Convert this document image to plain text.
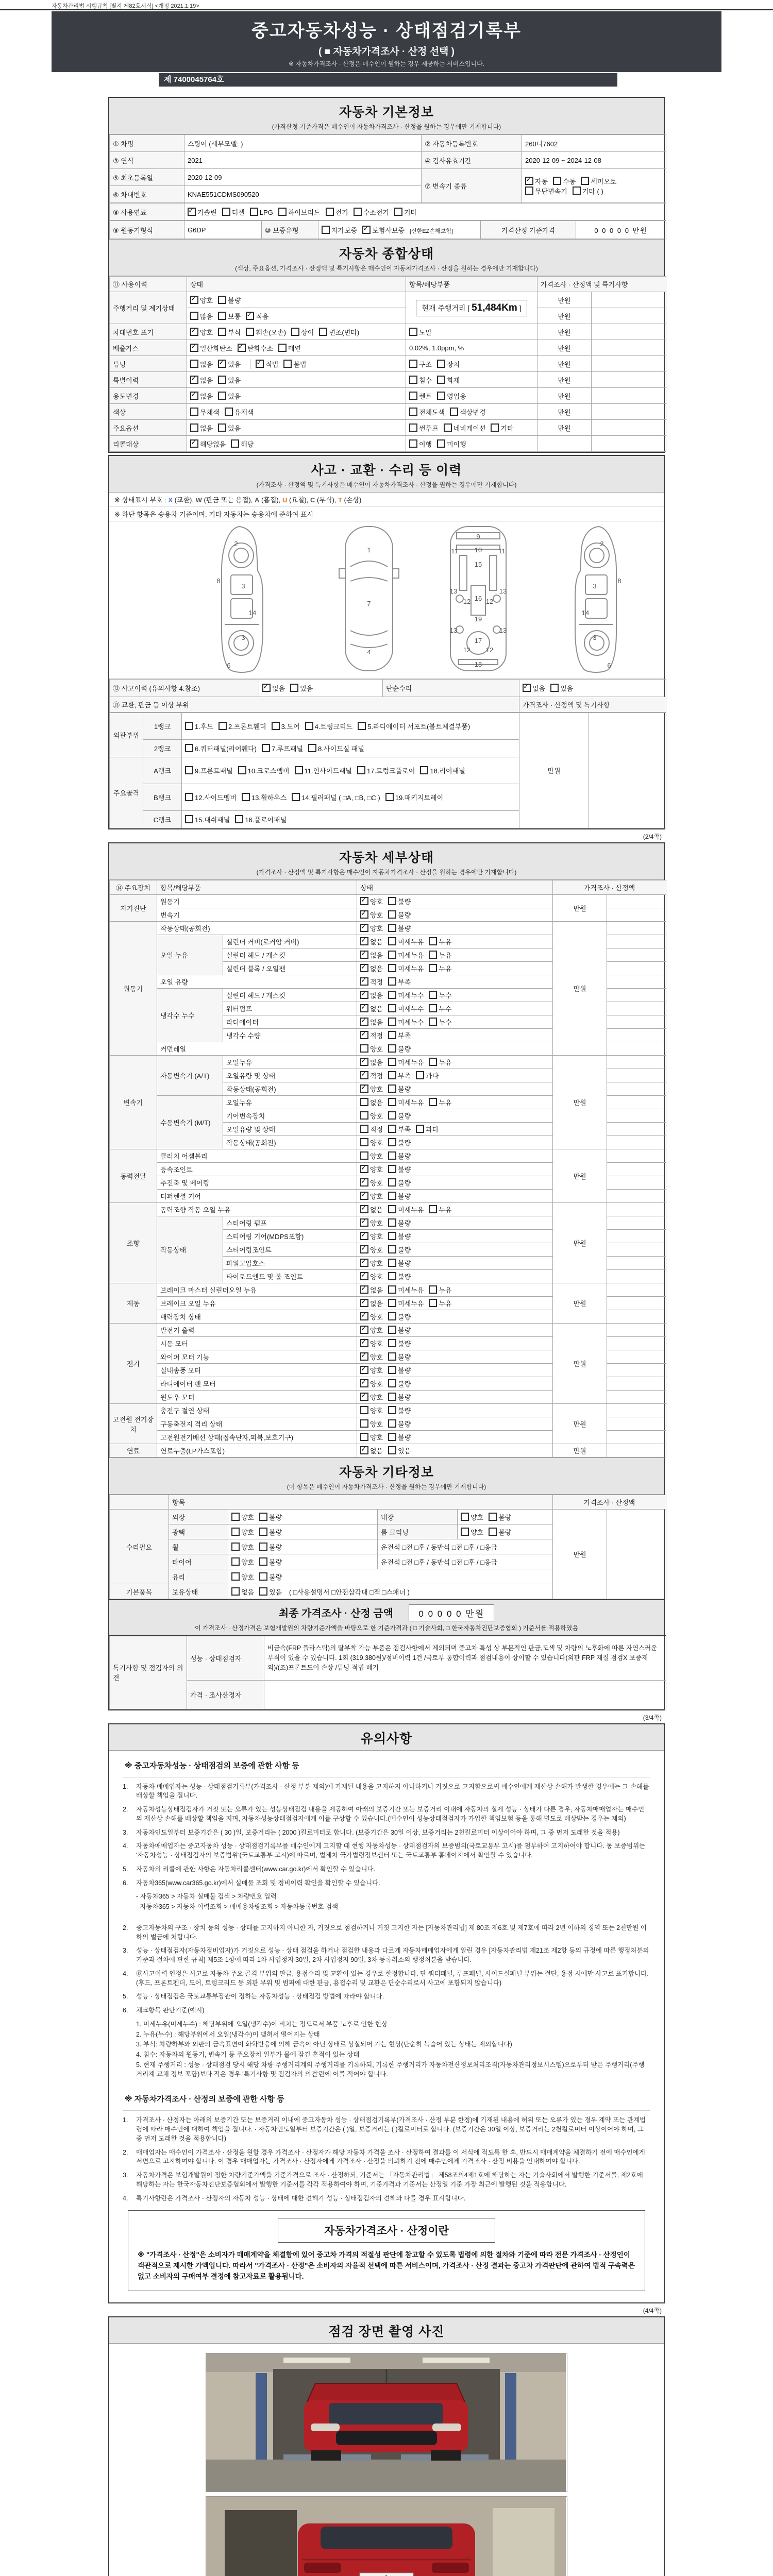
자동차관리법 시행규칙 [별지 제82호서식] <개정 2021.1.19>
중고자동차성능 · 상태점검기록부
( ■ 자동차가격조사 · 산정 선택 )
※ 자동차가격조사 · 산정은 매수인이 원하는 경우 제공하는 서비스입니다.
제 7400045764호
자동차 기본정보
(가격산정 기준가격은 매수인이 자동차가격조사 · 산정을 원하는 경우에만 기재합니다)
① 차명	스팅어 (세부모델: )	② 자동차등록번호	260너7602
③ 연식	2021	④ 검사유효기간	2020-12-09 ~ 2024-12-08
⑤ 최초등록일	2020-12-09	⑦ 변속기 종류	✓자동 수동 세미오토
무단변속기 기타 ( )
⑥ 차대번호	KNAE551CDMS090520		
⑧ 사용연료	✓가솔린 디젤 LPG 하이브리드 전기 수소전기 기타
⑨ 원동기형식	G6DP	⑩ 보증유형	자가보증 ✓ 보험사보증 [신한EZ손해보험]	가격산정 기준가격	0 0 0 0 0 만원
자동차 종합상태
(색상, 주요옵션, 가격조사 · 산정액 및 특기사항은 매수인이 자동차가격조사 · 산정을 원하는 경우에만 기재합니다)
⑪ 사용이력	상태	항목/해당부품	가격조사 · 산정액 및 특기사항	
주행거리 및 계기상태	✓양호 불량	현재 주행거리 [ 51,484Km ]	만원	
	많음 보통 ✓ 적음		만원	
차대번호 표기	✓양호 부식 훼손(오손) 상이 변조(변타)	도말	만원	
배출가스	✓일산화탄소 ✓ 탄화수소 매연	0.02%, 1.0ppm, %	만원	
튜닝	없음 ✓ 있음 ✓ 적법 불법	구조 장치	만원	
특별이력	✓없음 있음	침수 화재	만원	
용도변경	✓없음 있음	렌트 영업용	만원	
색상	무채색 유채색	전체도색 색상변경	만원	
주요옵션	없음 있음	썬루프 네비게이션 기타	만원	
리콜대상	✓해당없음 해당	이행 미이행		
사고 · 교환 · 수리 등 이력
(가격조사 · 산정액 및 특기사항은 매수인이 자동차가격조사 · 산정을 원하는 경우에만 기재합니다)
※ 상태표시 부호 : X (교환), W (판금 또는 용접), A (흠집), U (요철), C (부식), T (손상)
※ 하단 항목은 승용차 기준이며, 기타 자동차는 승용차에 준하여 표시
2
8
3
14
3
6
1
7
4
9
11	11
10
15
13	13
12 12
16
19
13	13
12 12
17
18
2
8
3
14
3
6
⑫ 사고이력 (유의사항 4.참조)	✓없음 있음	단순수리	✓없음 있음
⑬ 교환, 판금 등 이상 부위			가격조사 · 산정액 및 특기사항
외판부위	1랭크	1.후드 2.프론트휀더 3.도어 4.트렁크리드 5.라디에이터 서포트(볼트체결부품)	만원	
	2랭크	6.쿼터패널(리어휀다) 7.루프패널 8.사이드실 패널		
주요골격	A랭크	9.프론트패널 10.크로스멤버 11.인사이드패널 17.트렁크플로어 18.리어패널		
	B랭크	12.사이드멤버 13.휠하우스 14.필러패널 ( □A, □B, □C ) 19.패키지트레이		
	C랭크	15.대쉬패널 16.플로어패널		
(2/4쪽)
자동차 세부상태
(가격조사 · 산정액 및 특기사항은 매수인이 자동차가격조사 · 산정을 원하는 경우에만 기재합니다)
⑭ 주요장치	항목/해당부품		상태	가격조사 · 산정액	
자기진단	원동기	✓양호 불량	만원	
	변속기	✓양호 불량	
원동기	작동상태(공회전)	✓양호 불량	만원	
	오일 누유	실린더 커버(로커암 커버)	✓없음 미세누유 누유	
		실린더 헤드 / 개스킷	✓없음 미세누유 누유	
		실린더 블록 / 오일팬	✓없음 미세누유 누유	
	오일 유량	✓적정 부족	
	냉각수 누수	실린더 헤드 / 개스킷	✓없음 미세누수 누수	
		워터펌프	✓없음 미세누수 누수	
		라디에이터	✓없음 미세누수 누수	
		냉각수 수량	✓적정 부족	
	커먼레일		양호 불량		
변속기	자동변속기 (A/T)	오일누유	✓없음 미세누유 누유	만원	
		오일유량 및 상태	✓적정 부족 과다	
		작동상태(공회전)	✓양호 불량	
	수동변속기 (M/T)	오일누유	없음 미세누유 누유		
		기어변속장치	양호 불량		
		오일유량 및 상태	적정 부족 과다		
		작동상태(공회전)	양호 불량		
동력전달	클러치 어셈블리		양호 불량	만원	
	등속조인트	✓양호 불량	
	추진축 및 베어링	✓양호 불량	
	디퍼렌셜 기어	✓양호 불량	
조향	동력조향 작동 오일 누유	✓없음 미세누유 누유	만원	
	작동상태	스티어링 펌프	✓양호 불량	
		스티어링 기어(MDPS포함)	✓양호 불량	
		스티어링조인트	✓양호 불량	
		파워고압호스	✓양호 불량	
		타이로드엔드 및 볼 조인트	✓양호 불량	
제동	브레이크 마스터 실린더오일 누유	✓없음 미세누유 누유	만원	
	브레이크 오일 누유	✓없음 미세누유 누유	
	배력장치 상태	✓양호 불량	
전기	발전기 출력	✓양호 불량	만원	
	시동 모터	✓양호 불량	
	와이퍼 모터 기능	✓양호 불량	
	실내송풍 모터	✓양호 불량	
	라디에이터 팬 모터	✓양호 불량	
	윈도우 모터	✓양호 불량	
고전원 전기장치	충전구 절연 상태		양호 불량	만원	
	구동축전지 격리 상태		양호 불량		
	고전원전기배선 상태(접속단자,피복,보호기구)		양호 불량		
연료	연료누출(LP가스포함)	✓없음 있음	만원	
자동차 기타정보
(이 항목은 매수인이 자동차가격조사 · 산정을 원하는 경우에만 기재합니다)
	항목				가격조사 · 산정액	
수리필요	외장	양호 불량	내장	양호 불량	만원	
	광택	양호 불량	룸 크리닝	양호 불량		
	휠	양호 불량	운전석 □전 □후 / 동반석 □전 □후 / □응급			
	타이어	양호 불량	운전석 □전 □후 / 동반석 □전 □후 / □응급			
	유리	양호 불량				
기본품목	보유상태	없음 있음 ( □사용설명서 □안전삼각대 □잭 □스패너 )				
최종 가격조사 · 산정 금액	0 0 0 0 0 만원
이 가격조사 · 산정가격은 보험개발원의 차량기준가액을 바탕으로 한 기준가격과 ( □ 기술사회, □ 한국자동차진단보증협회 ) 기준서를 적용하였음
특기사항 및 점검자의 의견	성능 · 상태점검자	비금속(FRP 플라스틱)의 탈부착 가능 부품은 점검사항에서 제외되며 중고차 특성 상 부분적인 판금,도색 및 차량의 노후화에 따른 자연스러운 부식이 있을 수 있습니다. 1회 (319,380원)/정비이력 1건 /국토부 통합이력과 점검내용이 상이할 수 있습니다(외판 FRP 재질 점검X 보증제외)/(조)프론트도어 손상 /튜닝-적법-배기
	가격 · 조사산정자	
(3/4쪽)
유의사항
※ 중고자동차성능 · 상태점검의 보증에 관한 사항 등
1.	자동차 매매업자는 성능 · 상태점검기록부(가격조사 · 산정 부분 제외)에 기재된 내용을 고지하지 아니하거나 거짓으로 고지함으로써 매수인에게 재산상 손해가 발생한 경우에는 그 손해를 배상할 책임을 집니다.
2.	자동차성능상태점검자가 거짓 또는 오류가 있는 성능상태점검 내용을 제공하여 아래의 보증기간 또는 보증거리 이내에 자동차의 실제 성능 · 상태가 다른 경우, 자동차매매업자는 매수인의 재산상 손해를 배상할 책임을 지며, 자동차성능상태점검자에게 이를 구상할 수 있습니다.(매수인이 성능상태점검자가 가입한 책임보험 등을 통해 별도로 배상받는 경우는 제외)
3.	자동차인도일부터 보증기간은 ( 30 )일, 보증거리는 ( 2000 )킬로미터로 합니다. (보증기간은 30일 이상, 보증거리는 2천킬로미터 이상이어야 하며, 그 중 먼저 도래한 것을 적용)
4.	자동차매매업자는 중고자동차 성능 · 상태점검기록부를 매수인에게 고지할 때 현행 자동차성능 · 상태점검자의 보증범위(국토교통부 고시)를 첨부하여 고지하여야 합니다. 동 보증범위는 '자동차성능 · 상태점검자의 보증범위'(국토교통부 고시)에 따르며, 법제처 국가법령정보센터 또는 국토교통부 홈페이지에서 확인할 수 있습니다.
5.	자동차의 리콜에 관한 사항은 자동차리콜센터(www.car.go.kr)에서 확인할 수 있습니다.
6.	자동차365(www.car365.go.kr)에서 실매물 조회 및 정비이력 확인을 확인할 수 있습니다.
- 자동차365 > 자동차 실매물 검색 > 차량번호 입력
- 자동차365 > 자동차 이력조회 > 매매용차량조회 > 자동차등록번호 검색
2.	중고자동차의 구조 · 장치 등의 성능 · 상태를 고지하지 아니한 자, 거짓으로 점검하거나 거짓 고지한 자는 [자동차관리법] 제 80조 제6호 및 제7호에 따라 2년 이하의 징역 또는 2천만원 이하의 벌금에 처합니다.
3.	성능 · 상태점검자(자동차정비업자)가 거짓으로 성능 · 상태 점검을 하거나 점검한 내용과 다르게 자동차매매업자에게 알린 경우 [자동차관리법 제21조 제2항 등의 규정에 따른 행정처분의 기준과 절차에 관한 규칙] 제5조 1항에 따라 1차 사업정지 30일, 2차 사업정지 90일, 3차 등록취소의 행정처분을 받습니다.
4.	⑫사고이력 인정은 사고로 자동차 주요 골격 부위의 판금, 용접수리 및 교환이 있는 경우로 한정합니다. 단 쿼터패널, 루프패널, 사이드실패널 부위는 절단, 용접 시에만 사고로 표기합니다. (후드, 프론트펜더, 도어, 트렁크리드 등 외판 부위 및 범퍼에 대한 판금, 용접수리 및 교환은 단순수리로서 사고에 포함되지 않습니다)
5.	성능 · 상태점검은 국토교통부장관이 정하는 자동차성능 · 상태점검 방법에 따라야 합니다.
6.	체크항목 판단기준(예시)
1. 미세누유(미세누수) : 해당부위에 오일(냉각수)이 비치는 정도로서 부품 노후로 인한 현상
2. 누유(누수) : 해당부위에서 오일(냉각수)이 맺혀서 떨어지는 상태
3. 부식: 차량하부와 외판의 금속표면이 화학반응에 의해 금속이 아닌 상태로 상실되어 가는 현상(단순히 녹슬어 있는 상태는 제외합니다)
4. 침수: 자동차의 원동기, 변속기 등 주요장치 일부가 물에 잠긴 흔적이 있는 상태
5. 현재 주행거리 : 성능 · 상태점검 당시 해당 차량 주행거리계의 주행거리를 기록하되, 기록한 주행거리가 자동차전산정보처리조직(자동차관리정보시스템)으로부터 받은 주행거리(주행거리계 교체 정보 포함)보다 적은 경우 '특기사항 및 점검자의 의견'란에 이를 적어야 합니다.
※ 자동차가격조사 · 산정의 보증에 관한 사항 등
1.	가격조사 · 산정자는 아래의 보증기간 또는 보증거리 이내에 중고자동차 성능 · 상태점검기록부(가격조사 · 산정 부분 한정)에 기재된 내용에 허위 또는 오류가 있는 경우 계약 또는 관계법령에 따라 매수인에 대하여 책임을 집니다. · 자동차인도일부터 보증기간은 ( )일, 보증거리는 ( )킬로미터로 합니다. (보증기간은 30일 이상, 보증거리는 2천킬로미터 이상이어야 하며, 그 중 먼저 도래한 것을 적용합니다)
2.	매매업자는 매수인이 가격조사 · 산정을 원할 경우 가격조사 · 산정자가 해당 자동차 가격을 조사 · 산정하여 결과를 이 서식에 적도록 한 후, 반드시 매매계약을 체결하기 전에 매수인에게 서면으로 고지하여야 합니다. 이 경우 매매업자는 가격조사 · 산정자에게 가격조사 · 산정을 의뢰하기 전에 매수인에게 가격조사 · 산정 비용을 안내하여야 합니다.
3.	자동차가격은 보험개발원이 정한 차량기준가액을 기준가격으로 조사 · 산정하되, 기준서는 「자동차관리법」 제58조의4제1호에 해당하는 자는 기술사회에서 발행한 기준서를, 제2호에 해당하는 자는 한국자동차진단보증협회에서 발행한 기준서를 각각 적용하여야 하며, 기준가격과 기준서는 산정일 기준 가장 최근에 발행된 것을 적용합니다.
4.	특기사항란은 가격조사 · 산정자의 자동차 성능 · 상태에 대한 견해가 성능 · 상태점검자의 견해와 다를 경우 표시합니다.
자동차가격조사 · 산정이란
※ "가격조사 · 산정"은 소비자가 매매계약을 체결함에 있어 중고차 가격의 적절성 판단에 참고할 수 있도록 법령에 의한 절차와 기준에 따라 전문 가격조사 · 산정인이 객관적으로 제시한 가액입니다. 따라서 "가격조사 · 산정"은 소비자의 자율적 선택에 따른 서비스이며, 가격조사 · 산정 결과는 중고차 가격판단에 관하여 법적 구속력은 없고 소비자의 구매여부 결정에 참고자료로 활용됩니다.
(4/4쪽)
점검 장면 촬영 사진
